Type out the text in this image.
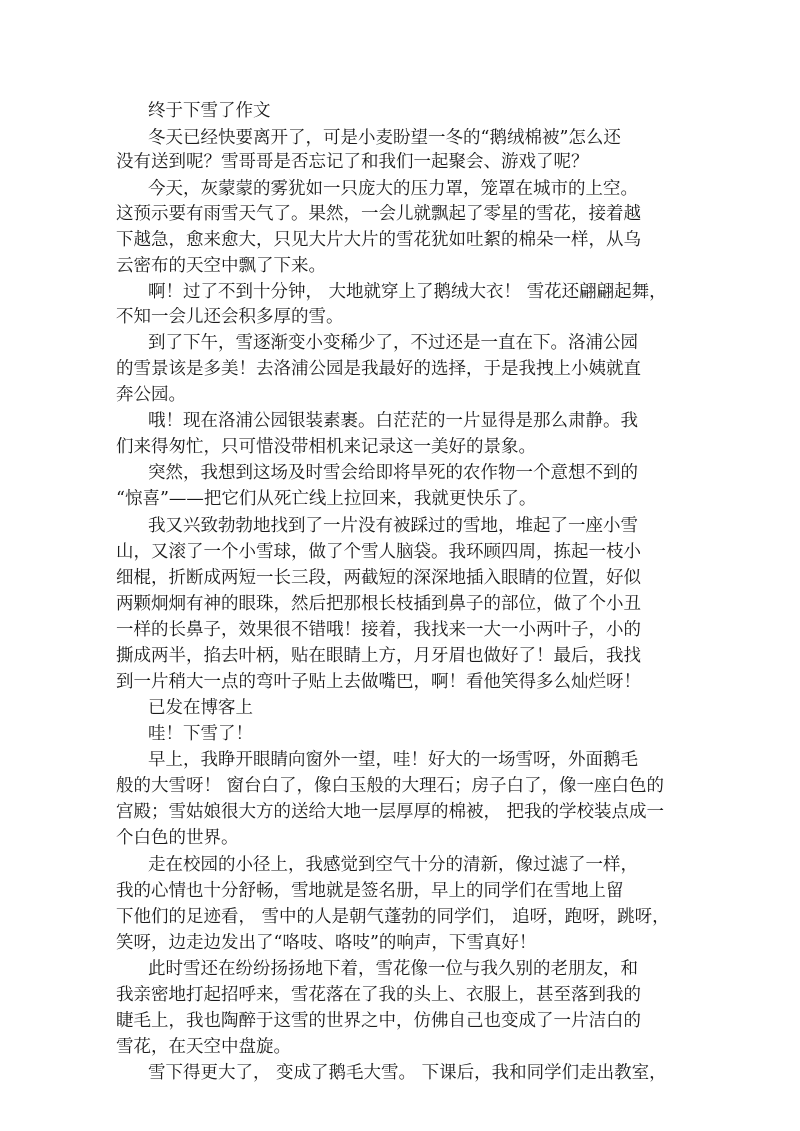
终于下雪了作文
冬天已经快要离开了，可是小麦盼望一冬的“鹅绒棉被”怎么还
没有送到呢？雪哥哥是否忘记了和我们一起聚会、游戏了呢？
今天，灰蒙蒙的雾犹如一只庞大的压力罩，笼罩在城市的上空。
这预示要有雨雪天气了。果然，一会儿就飘起了零星的雪花，接着越
下越急，愈来愈大，只见大片大片的雪花犹如吐絮的棉朵一样，从乌
云密布的天空中飘了下来。
啊！过了不到十分钟， 大地就穿上了鹅绒大衣！ 雪花还翩翩起舞，
不知一会儿还会积多厚的雪。
到了下午，雪逐渐变小变稀少了，不过还是一直在下。洛浦公园
的雪景该是多美！去洛浦公园是我最好的选择，于是我拽上小姨就直
奔公园。
哦！现在洛浦公园银装素裹。白茫茫的一片显得是那么肃静。我
们来得匆忙，只可惜没带相机来记录这一美好的景象。
突然，我想到这场及时雪会给即将旱死的农作物一个意想不到的
“惊喜”——把它们从死亡线上拉回来，我就更快乐了。
我又兴致勃勃地找到了一片没有被踩过的雪地，堆起了一座小雪
山，又滚了一个小雪球，做了个雪人脑袋。我环顾四周，拣起一枝小
细棍，折断成两短一长三段，两截短的深深地插入眼睛的位置，好似
两颗炯炯有神的眼珠，然后把那根长枝插到鼻子的部位，做了个小丑
一样的长鼻子，效果很不错哦！接着，我找来一大一小两叶子，小的
撕成两半，掐去叶柄，贴在眼睛上方，月牙眉也做好了！最后，我找
到一片稍大一点的弯叶子贴上去做嘴巴，啊！看他笑得多么灿烂呀！
已发在博客上
哇！下雪了！
早上，我睁开眼睛向窗外一望，哇！好大的一场雪呀，外面鹅毛
般的大雪呀！ 窗台白了，像白玉般的大理石；房子白了，像一座白色的
宫殿；雪姑娘很大方的送给大地一层厚厚的棉被， 把我的学校装点成一
个白色的世界。
走在校园的小径上，我感觉到空气十分的清新，像过滤了一样，
我的心情也十分舒畅，雪地就是签名册，早上的同学们在雪地上留
下他们的足迹看， 雪中的人是朝气蓬勃的同学们， 追呀，跑呀，跳呀，
笑呀，边走边发出了“咯吱、咯吱”的响声，下雪真好！
此时雪还在纷纷扬扬地下着，雪花像一位与我久别的老朋友，和
我亲密地打起招呼来，雪花落在了我的头上、衣服上，甚至落到我的
睫毛上，我也陶醉于这雪的世界之中，仿佛自己也变成了一片洁白的
雪花，在天空中盘旋。
雪下得更大了， 变成了鹅毛大雪。 下课后，我和同学们走出教室，
